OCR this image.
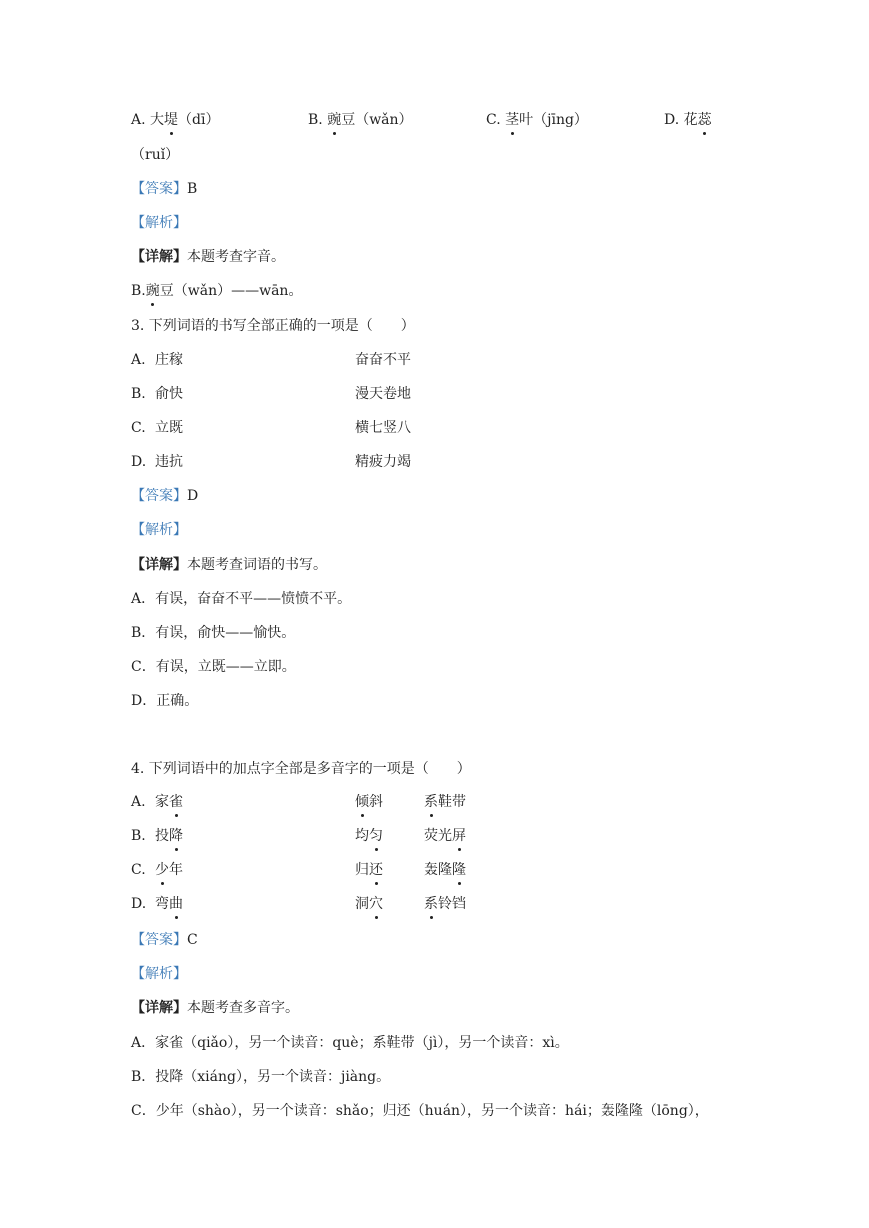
A. 大堤（dī）	B. 豌豆（wǎn）	C. 茎叶（jīng）	D. 花蕊
（ruǐ）
【答案】B
【解析】
【详解】本题考查字音。
B.豌豆（wǎn）——wān。
3. 下列词语的书写全部正确的一项是（　　）
A. 庄稼	奋奋不平
B. 俞快	漫天卷地
C. 立既	横七竖八
D. 违抗	精疲力竭
【答案】D
【解析】
【详解】本题考查词语的书写。
A．有误，奋奋不平——愤愤不平。
B．有误，俞快——愉快。
C．有误，立既——立即。
D．正确。
4. 下列词语中的加点字全部是多音字的一项是（　　）
A. 家雀	倾斜	系鞋带
B. 投降	均匀	荧光屏
C. 少年	归还	轰隆隆
D. 弯曲	洞穴	系铃铛
【答案】C
【解析】
【详解】本题考查多音字。
A．家雀（qiǎo），另一个读音：què；系鞋带（jì），另一个读音：xì。
B．投降（xiáng），另一个读音：jiàng。
C．少年（shào），另一个读音：shǎo；归还（huán），另一个读音：hái；轰隆隆（lōng），
